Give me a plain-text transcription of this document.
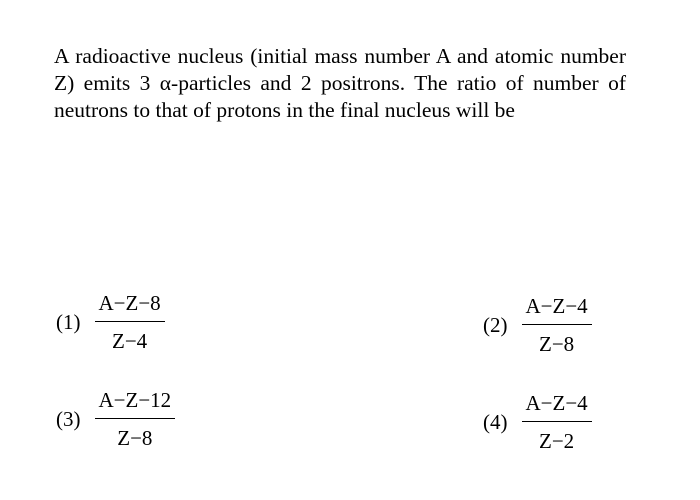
A radioactive nucleus (initial mass number A and atomic number Z) emits 3 α-particles and 2 positrons. The ratio of number of neutrons to that of protons in the final nucleus will be

$(1) \frac{A-Z-8}{Z-4}$	$(2) \frac{A-Z-4}{Z-8}$
$(3) \frac{A-Z-12}{Z-8}$	$(4) \frac{A-Z-4}{Z-2}$
